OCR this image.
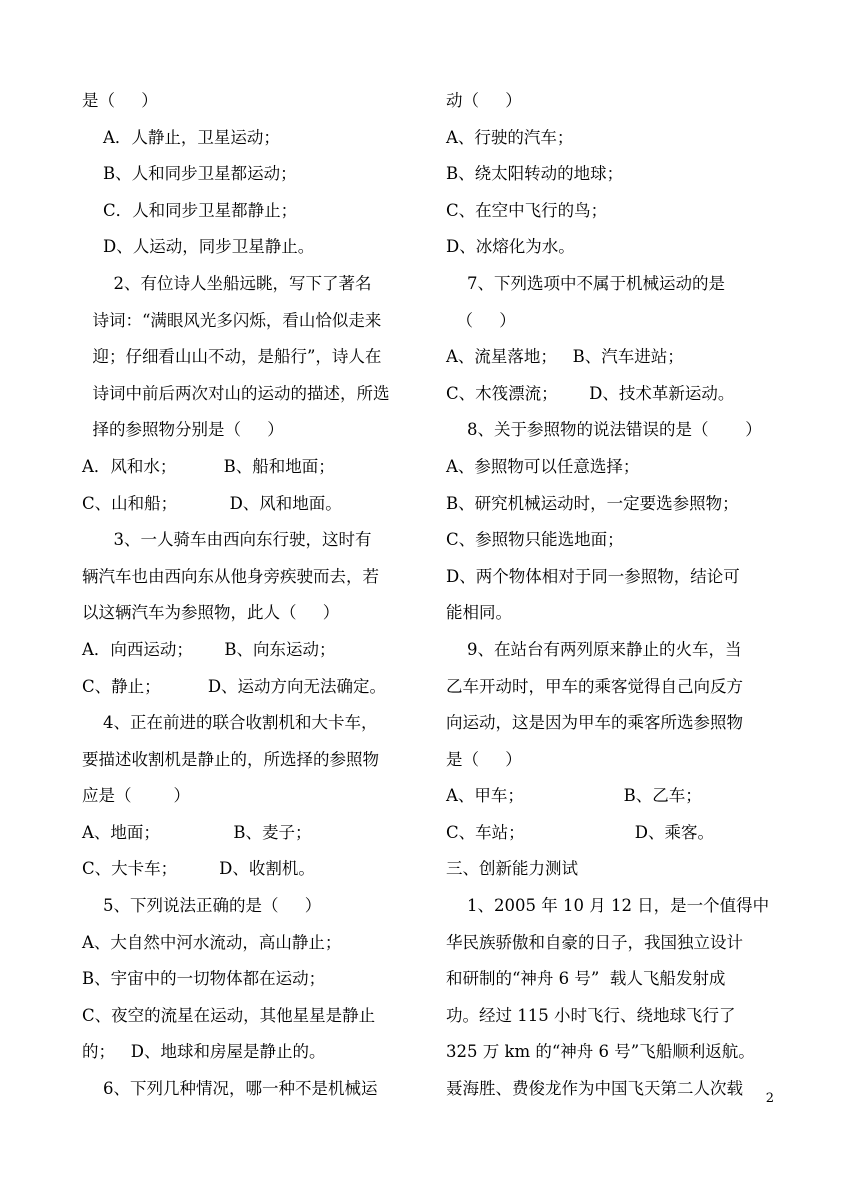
是（     ）
A．人静止，卫星运动；
B、人和同步卫星都运动；
C．人和同步卫星都静止；
D、人运动，同步卫星静止。
2、有位诗人坐船远眺，写下了著名
诗词：“满眼风光多闪烁，看山恰似走来
迎；仔细看山山不动，是船行”，诗人在
诗词中前后两次对山的运动的描述，所选
择的参照物分别是（     ）
A．风和水；         B、船和地面；
C、山和船；          D、风和地面。
3、一人骑车由西向东行驶，这时有
辆汽车也由西向东从他身旁疾驶而去，若
以这辆汽车为参照物，此人（     ）
A．向西运动；      B、向东运动；
C、静止；         D、运动方向无法确定。
4、正在前进的联合收割机和大卡车，
要描述收割机是静止的，所选择的参照物
应是（        ）
A、地面；              B、麦子；
C、大卡车；        D、收割机。
5、下列说法正确的是（     ）
A、大自然中河水流动，高山静止；
B、宇宙中的一切物体都在运动；
C、夜空的流星在运动，其他星星是静止
的；   D、地球和房屋是静止的。
6、下列几种情况，哪一种不是机械运
动（     ）
A、行驶的汽车；
B、绕太阳转动的地球；
C、在空中飞行的鸟；
D、冰熔化为水。
7、下列选项中不属于机械运动的是
（     ）
A、流星落地；   B、汽车进站；
C、木筏漂流；      D、技术革新运动。
8、关于参照物的说法错误的是（       ）
A、参照物可以任意选择；
B、研究机械运动时，一定要选参照物；
C、参照物只能选地面；
D、两个物体相对于同一参照物，结论可
能相同。
9、在站台有两列原来静止的火车，当
乙车开动时，甲车的乘客觉得自己向反方
向运动，这是因为甲车的乘客所选参照物
是（     ）
A、甲车；                   B、乙车；
C、车站；                     D、乘客。
三、创新能力测试
1、2005 年 10 月 12 日，是一个值得中
华民族骄傲和自豪的日子，我国独立设计
和研制的“神舟 6 号”  载人飞船发射成
功。经过 115 小时飞行、绕地球飞行了
325 万 km 的“神舟 6 号”飞船顺利返航。
聂海胜、费俊龙作为中国飞天第二人次载
2
